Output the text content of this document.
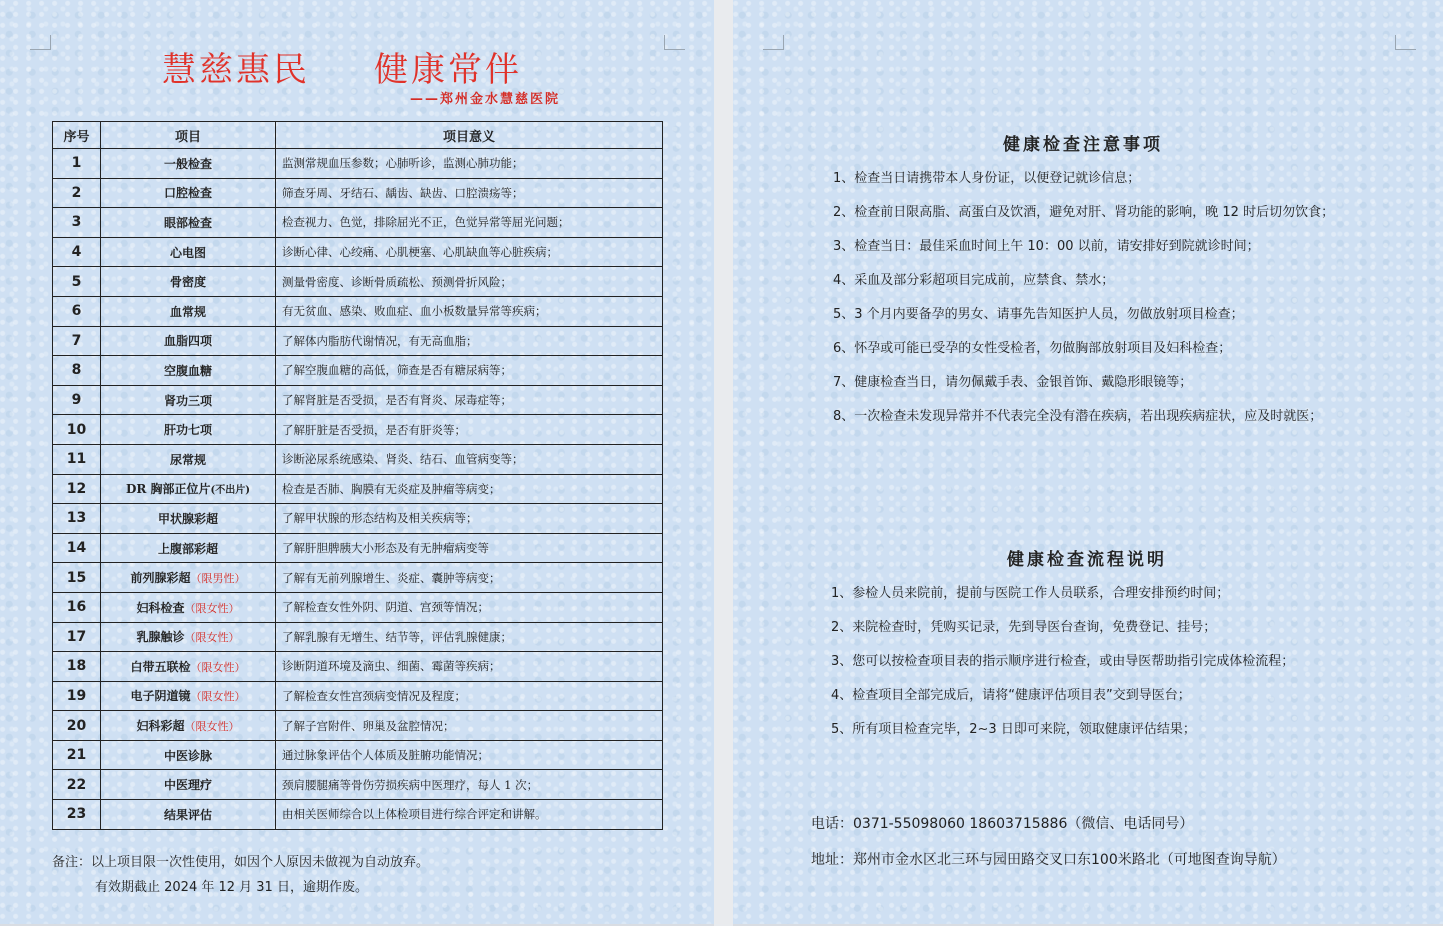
慧慈惠民 健康常伴
——郑州金水慧慈医院
序号	项目	项目意义
1	一般检查	监测常规血压参数；心肺听诊，监测心肺功能；
2	口腔检查	筛查牙周、牙结石、龋齿、缺齿、口腔溃疡等；
3	眼部检查	检查视力、色觉，排除屈光不正，色觉异常等屈光问题；
4	心电图	诊断心律、心绞痛、心肌梗塞、心肌缺血等心脏疾病；
5	骨密度	测量骨密度、诊断骨质疏松、预测骨折风险；
6	血常规	有无贫血、感染、败血症、血小板数量异常等疾病；
7	血脂四项	了解体内脂肪代谢情况，有无高血脂；
8	空腹血糖	了解空腹血糖的高低，筛查是否有糖尿病等；
9	肾功三项	了解肾脏是否受损，是否有肾炎、尿毒症等；
10	肝功七项	了解肝脏是否受损，是否有肝炎等；
11	尿常规	诊断泌尿系统感染、肾炎、结石、血管病变等；
12	DR 胸部正位片(不出片)	检查是否肺、胸膜有无炎症及肿瘤等病变；
13	甲状腺彩超	了解甲状腺的形态结构及相关疾病等；
14	上腹部彩超	了解肝胆脾胰大小形态及有无肿瘤病变等
15	前列腺彩超（限男性）	了解有无前列腺增生、炎症、囊肿等病变；
16	妇科检查（限女性）	了解检查女性外阴、阴道、宫颈等情况；
17	乳腺触诊（限女性）	了解乳腺有无增生、结节等，评估乳腺健康；
18	白带五联检（限女性）	诊断阴道环境及滴虫、细菌、霉菌等疾病；
19	电子阴道镜（限女性）	了解检查女性宫颈病变情况及程度；
20	妇科彩超（限女性）	了解子宫附件、卵巢及盆腔情况；
21	中医诊脉	通过脉象评估个人体质及脏腑功能情况；
22	中医理疗	颈肩腰腿痛等骨伤劳损疾病中医理疗，每人 1 次；
23	结果评估	由相关医师综合以上体检项目进行综合评定和讲解。
备注：以上项目限一次性使用，如因个人原因未做视为自动放弃。
有效期截止 2024 年 12 月 31 日，逾期作废。
健康检查注意事项
健康检查流程说明
1、检查当日请携带本人身份证，以便登记就诊信息；
2、检查前日限高脂、高蛋白及饮酒，避免对肝、肾功能的影响，晚 12 时后切勿饮食；
3、检查当日：最佳采血时间上午 10：00 以前，请安排好到院就诊时间；
4、采血及部分彩超项目完成前，应禁食、禁水；
5、3 个月内要备孕的男女、请事先告知医护人员，勿做放射项目检查；
6、怀孕或可能已受孕的女性受检者，勿做胸部放射项目及妇科检查；
7、健康检查当日，请勿佩戴手表、金银首饰、戴隐形眼镜等；
8、一次检查未发现异常并不代表完全没有潜在疾病，若出现疾病症状，应及时就医；
1、参检人员来院前，提前与医院工作人员联系，合理安排预约时间；
2、来院检查时，凭购买记录，先到导医台查询，免费登记、挂号；
3、您可以按检查项目表的指示顺序进行检查，或由导医帮助指引完成体检流程；
4、检查项目全部完成后，请将“健康评估项目表”交到导医台；
5、所有项目检查完毕，2~3 日即可来院，领取健康评估结果；
电话：0371-55098060 18603715886（微信、电话同号）
地址：郑州市金水区北三环与园田路交叉口东100米路北（可地图查询导航）
